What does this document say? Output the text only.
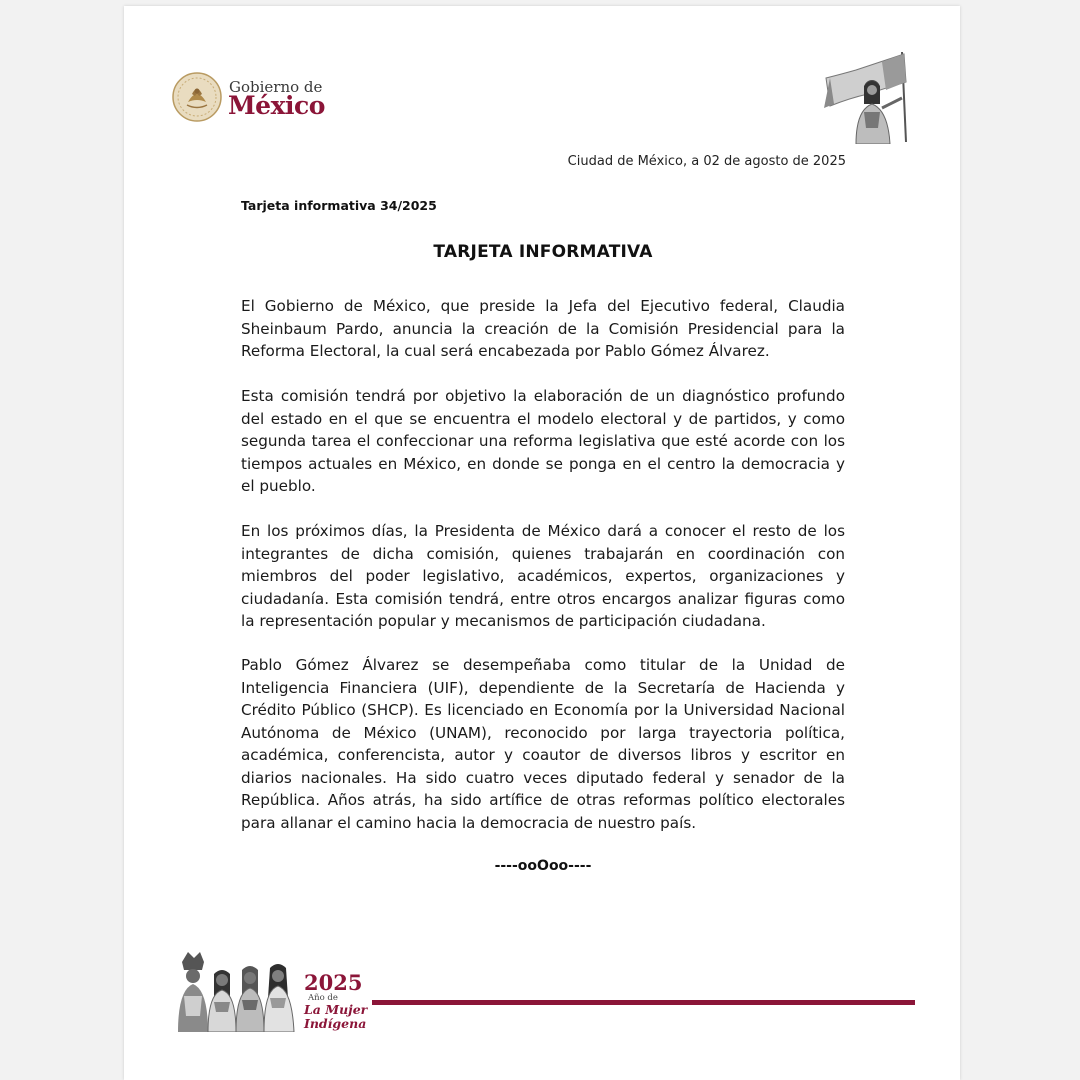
Gobierno de
México
Ciudad de México, a 02 de agosto de 2025
Tarjeta informativa 34/2025
TARJETA INFORMATIVA

El Gobierno de México, que preside la Jefa del Ejecutivo federal, Claudia Sheinbaum Pardo, anuncia la creación de la Comisión Presidencial para la Reforma Electoral, la cual será encabezada por Pablo Gómez Álvarez.

Esta comisión tendrá por objetivo la elaboración de un diagnóstico profundo del estado en el que se encuentra el modelo electoral y de partidos, y como segunda tarea el confeccionar una reforma legislativa que esté acorde con los tiempos actuales en México, en donde se ponga en el centro la democracia y el pueblo.

En los próximos días, la Presidenta de México dará a conocer el resto de los integrantes de dicha comisión, quienes trabajarán en coordinación con miembros del poder legislativo, académicos, expertos, organizaciones y ciudadanía. Esta comisión tendrá, entre otros encargos analizar figuras como la representación popular y mecanismos de participación ciudadana.

Pablo Gómez Álvarez se desempeñaba como titular de la Unidad de Inteligencia Financiera (UIF), dependiente de la Secretaría de Hacienda y Crédito Público (SHCP). Es licenciado en Economía por la Universidad Nacional Autónoma de México (UNAM), reconocido por larga trayectoria política, académica, conferencista, autor y coautor de diversos libros y escritor en diarios nacionales. Ha sido cuatro veces diputado federal y senador de la República. Años atrás, ha sido artífice de otras reformas político electorales para allanar el camino hacia la democracia de nuestro país.

----ooOoo----
2025
Año de
La Mujer
Indígena
